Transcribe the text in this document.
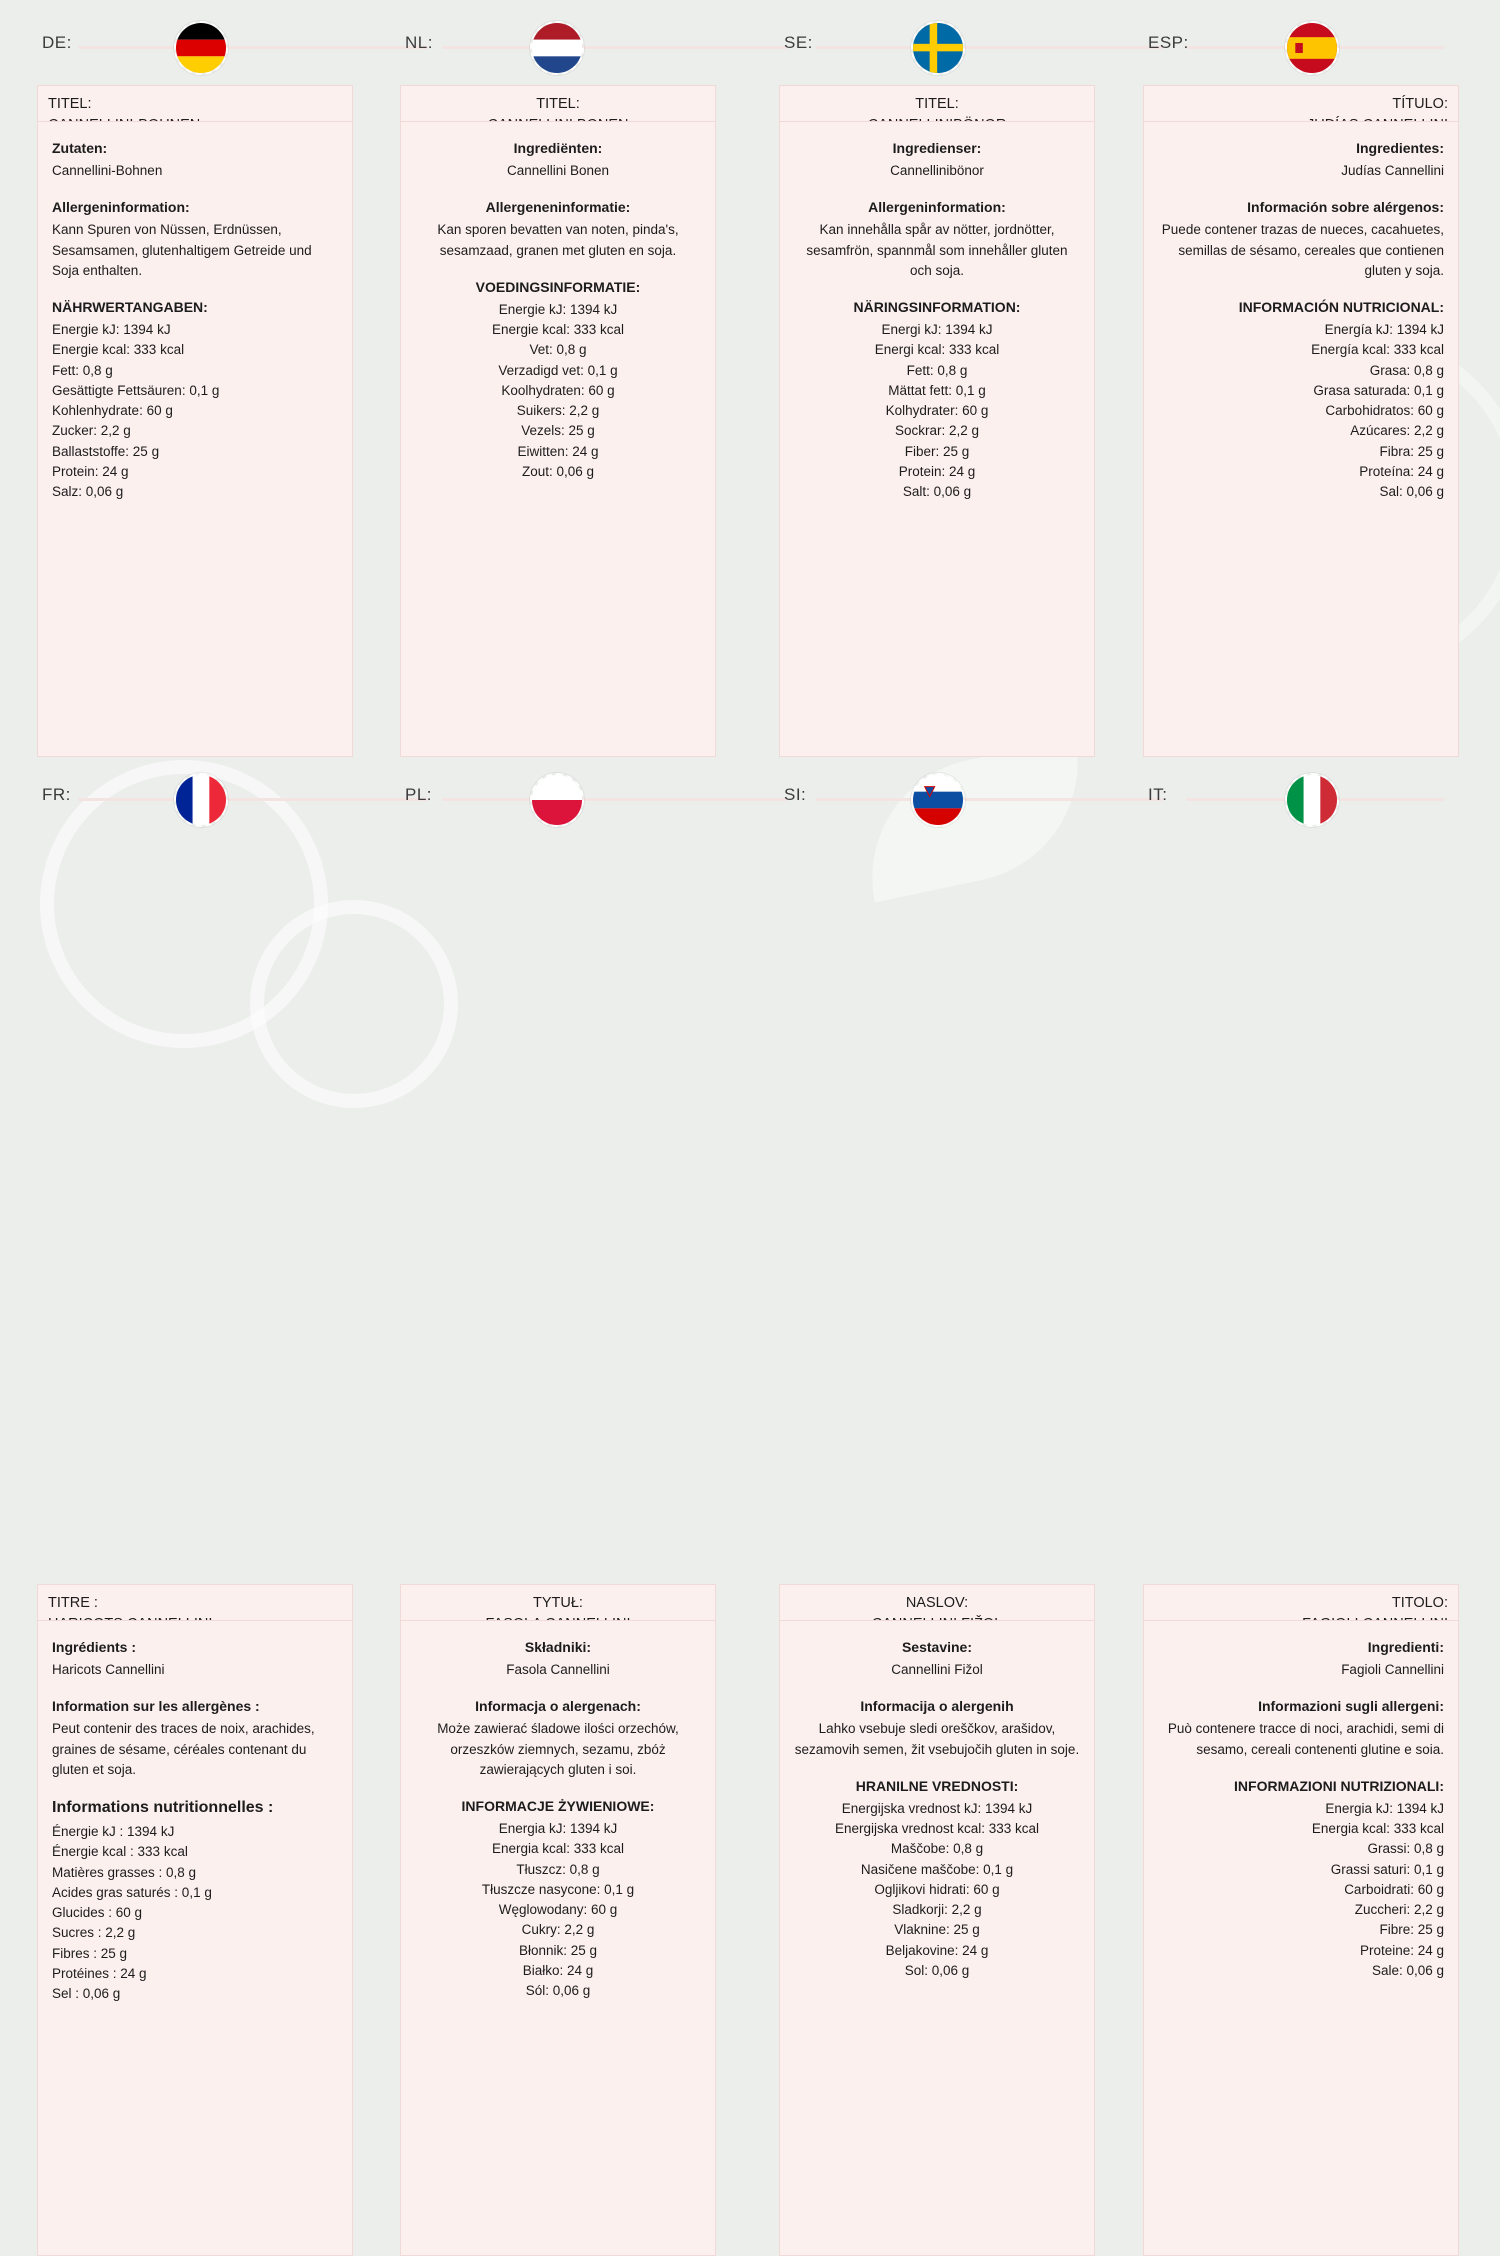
DE:
TITEL:
Zutaten:
Cannellini-Bohnen
Allergeninformation:
Kann Spuren von Nüssen, Erdnüssen, Sesamsamen, glutenhaltigem Getreide und Soja enthalten.
NÄHRWERTANGABEN:
Energie kJ: 1394 kJ
Energie kcal: 333 kcal
Fett: 0,8 g
Gesättigte Fettsäuren: 0,1 g
Kohlenhydrate: 60 g
Zucker: 2,2 g
Ballaststoffe: 25 g
Protein: 24 g
Salz: 0,06 g
NL:
TITEL:
Ingrediënten:
Cannellini Bonen
Allergeneninformatie:
Kan sporen bevatten van noten, pinda's, sesamzaad, granen met gluten en soja.
VOEDINGSINFORMATIE:
Energie kJ: 1394 kJ
Energie kcal: 333 kcal
Vet: 0,8 g
Verzadigd vet: 0,1 g
Koolhydraten: 60 g
Suikers: 2,2 g
Vezels: 25 g
Eiwitten: 24 g
Zout: 0,06 g
SE:
TITEL:
Ingredienser:
Cannellinibönor
Allergeninformation:
Kan innehålla spår av nötter, jordnötter, sesamfrön, spannmål som innehåller gluten och soja.
NÄRINGSINFORMATION:
Energi kJ: 1394 kJ
Energi kcal: 333 kcal
Fett: 0,8 g
Mättat fett: 0,1 g
Kolhydrater: 60 g
Sockrar: 2,2 g
Fiber: 25 g
Protein: 24 g
Salt: 0,06 g
ESP:
TÍTULO:
Ingredientes:
Judías Cannellini
Información sobre alérgenos:
Puede contener trazas de nueces, cacahuetes, semillas de sésamo, cereales que contienen gluten y soja.
INFORMACIÓN NUTRICIONAL:
Energía kJ: 1394 kJ
Energía kcal: 333 kcal
Grasa: 0,8 g
Grasa saturada: 0,1 g
Carbohidratos: 60 g
Azúcares: 2,2 g
Fibra: 25 g
Proteína: 24 g
Sal: 0,06 g
FR:
TITRE :
Ingrédients :
Haricots Cannellini
Information sur les allergènes :
Peut contenir des traces de noix, arachides, graines de sésame, céréales contenant du gluten et soja.
Informations nutritionnelles :
Énergie kJ : 1394 kJ
Énergie kcal : 333 kcal
Matières grasses : 0,8 g
Acides gras saturés : 0,1 g
Glucides : 60 g
Sucres : 2,2 g
Fibres : 25 g
Protéines : 24 g
Sel : 0,06 g
PL:
TYTUŁ:
Składniki:
Fasola Cannellini
Informacja o alergenach:
Może zawierać śladowe ilości orzechów, orzeszków ziemnych, sezamu, zbóż zawierających gluten i soi.
INFORMACJE ŻYWIENIOWE:
Energia kJ: 1394 kJ
Energia kcal: 333 kcal
Tłuszcz: 0,8 g
Tłuszcze nasycone: 0,1 g
Węglowodany: 60 g
Cukry: 2,2 g
Błonnik: 25 g
Białko: 24 g
Sól: 0,06 g
SI:
NASLOV:
Sestavine:
Cannellini Fižol
Informacija o alergenih
Lahko vsebuje sledi oreščkov, arašidov, sezamovih semen, žit vsebujočih gluten in soje.
HRANILNE VREDNOSTI:
Energijska vrednost kJ: 1394 kJ
Energijska vrednost kcal: 333 kcal
Maščobe: 0,8 g
Nasičene maščobe: 0,1 g
Ogljikovi hidrati: 60 g
Sladkorji: 2,2 g
Vlaknine: 25 g
Beljakovine: 24 g
Sol: 0,06 g
IT:
TITOLO:
Ingredienti:
Fagioli Cannellini
Informazioni sugli allergeni:
Può contenere tracce di noci, arachidi, semi di sesamo, cereali contenenti glutine e soia.
INFORMAZIONI NUTRIZIONALI:
Energia kJ: 1394 kJ
Energia kcal: 333 kcal
Grassi: 0,8 g
Grassi saturi: 0,1 g
Carboidrati: 60 g
Zuccheri: 2,2 g
Fibre: 25 g
Proteine: 24 g
Sale: 0,06 g
